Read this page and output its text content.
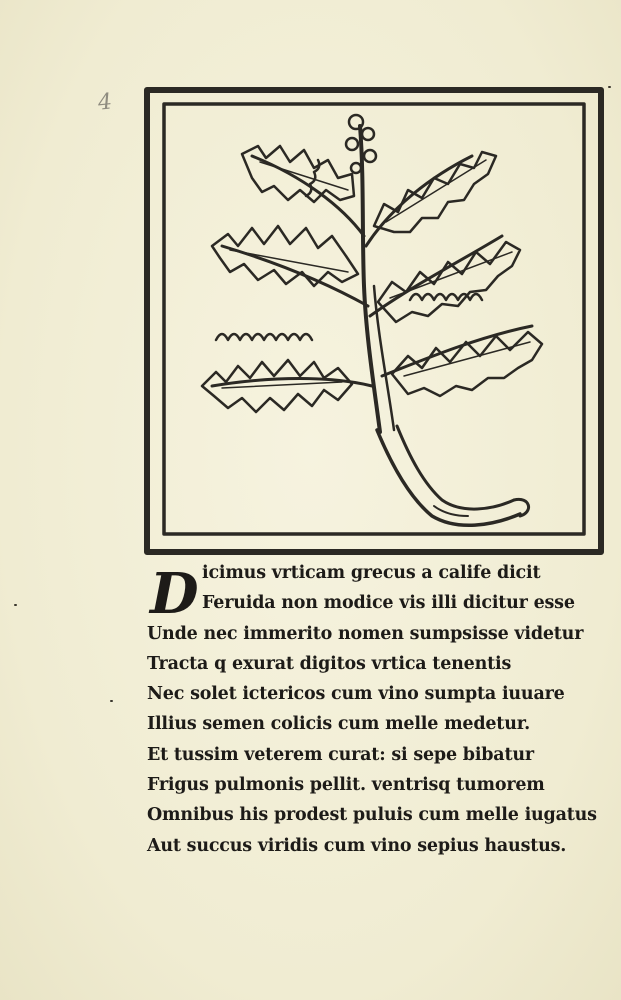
4
D icimus vrticam grecus a calife dicit
Feruida non modice vis illi dicitur esse
Unde nec immerito nomen sumpsisse videtur
Tracta q exurat digitos vrtica tenentis
Nec solet ictericos cum vino sumpta iuuare
Illius semen colicis cum melle medetur.
Et tussim veterem curat: si sepe bibatur
Frigus pulmonis pellit. ventrisq tumorem
Omnibus his prodest puluis cum melle iugatus
Aut succus viridis cum vino sepius haustus.
